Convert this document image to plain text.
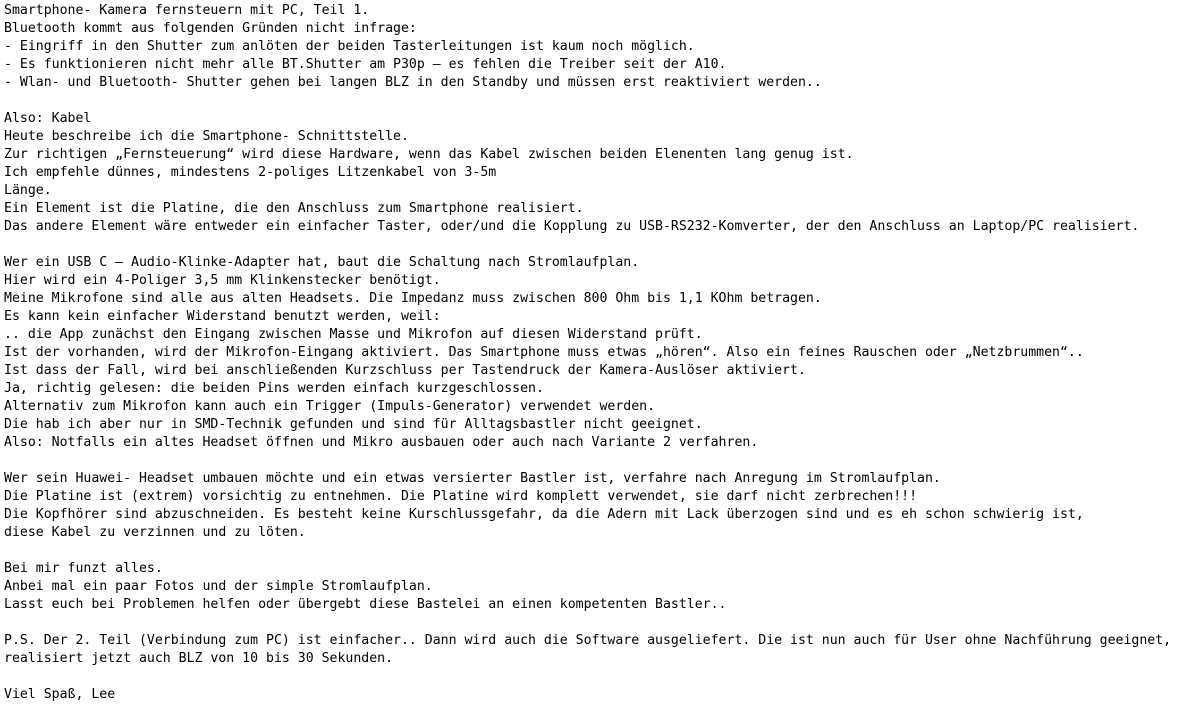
Smartphone- Kamera fernsteuern mit PC, Teil 1.
Bluetooth kommt aus folgenden Gründen nicht infrage:
- Eingriff in den Shutter zum anlöten der beiden Tasterleitungen ist kaum noch möglich.
- Es funktionieren nicht mehr alle BT.Shutter am P30p – es fehlen die Treiber seit der A10.
- Wlan- und Bluetooth- Shutter gehen bei langen BLZ in den Standby und müssen erst reaktiviert werden..
Also: Kabel
Heute beschreibe ich die Smartphone- Schnittstelle.
Zur richtigen „Fernsteuerung“ wird diese Hardware, wenn das Kabel zwischen beiden Elenenten lang genug ist.
Ich empfehle dünnes, mindestens 2-poliges Litzenkabel von 3-5m
Länge.
Ein Element ist die Platine, die den Anschluss zum Smartphone realisiert.
Das andere Element wäre entweder ein einfacher Taster, oder/und die Kopplung zu USB-RS232-Komverter, der den Anschluss an Laptop/PC realisiert.
Wer ein USB C – Audio-Klinke-Adapter hat, baut die Schaltung nach Stromlaufplan.
Hier wird ein 4-Poliger 3,5 mm Klinkenstecker benötigt.
Meine Mikrofone sind alle aus alten Headsets. Die Impedanz muss zwischen 800 Ohm bis 1,1 KOhm betragen.
Es kann kein einfacher Widerstand benutzt werden, weil:
.. die App zunächst den Eingang zwischen Masse und Mikrofon auf diesen Widerstand prüft.
Ist der vorhanden, wird der Mikrofon-Eingang aktiviert. Das Smartphone muss etwas „hören“. Also ein feines Rauschen oder „Netzbrummen“..
Ist dass der Fall, wird bei anschließenden Kurzschluss per Tastendruck der Kamera-Auslöser aktiviert.
Ja, richtig gelesen: die beiden Pins werden einfach kurzgeschlossen.
Alternativ zum Mikrofon kann auch ein Trigger (Impuls-Generator) verwendet werden.
Die hab ich aber nur in SMD-Technik gefunden und sind für Alltagsbastler nicht geeignet.
Also: Notfalls ein altes Headset öffnen und Mikro ausbauen oder auch nach Variante 2 verfahren.
Wer sein Huawei- Headset umbauen möchte und ein etwas versierter Bastler ist, verfahre nach Anregung im Stromlaufplan.
Die Platine ist (extrem) vorsichtig zu entnehmen. Die Platine wird komplett verwendet, sie darf nicht zerbrechen!!!
Die Kopfhörer sind abzuschneiden. Es besteht keine Kurschlussgefahr, da die Adern mit Lack überzogen sind und es eh schon schwierig ist,
diese Kabel zu verzinnen und zu löten.
Bei mir funzt alles.
Anbei mal ein paar Fotos und der simple Stromlaufplan.
Lasst euch bei Problemen helfen oder übergebt diese Bastelei an einen kompetenten Bastler..
P.S. Der 2. Teil (Verbindung zum PC) ist einfacher.. Dann wird auch die Software ausgeliefert. Die ist nun auch für User ohne Nachführung geeignet,
realisiert jetzt auch BLZ von 10 bis 30 Sekunden.
Viel Spaß, Lee
